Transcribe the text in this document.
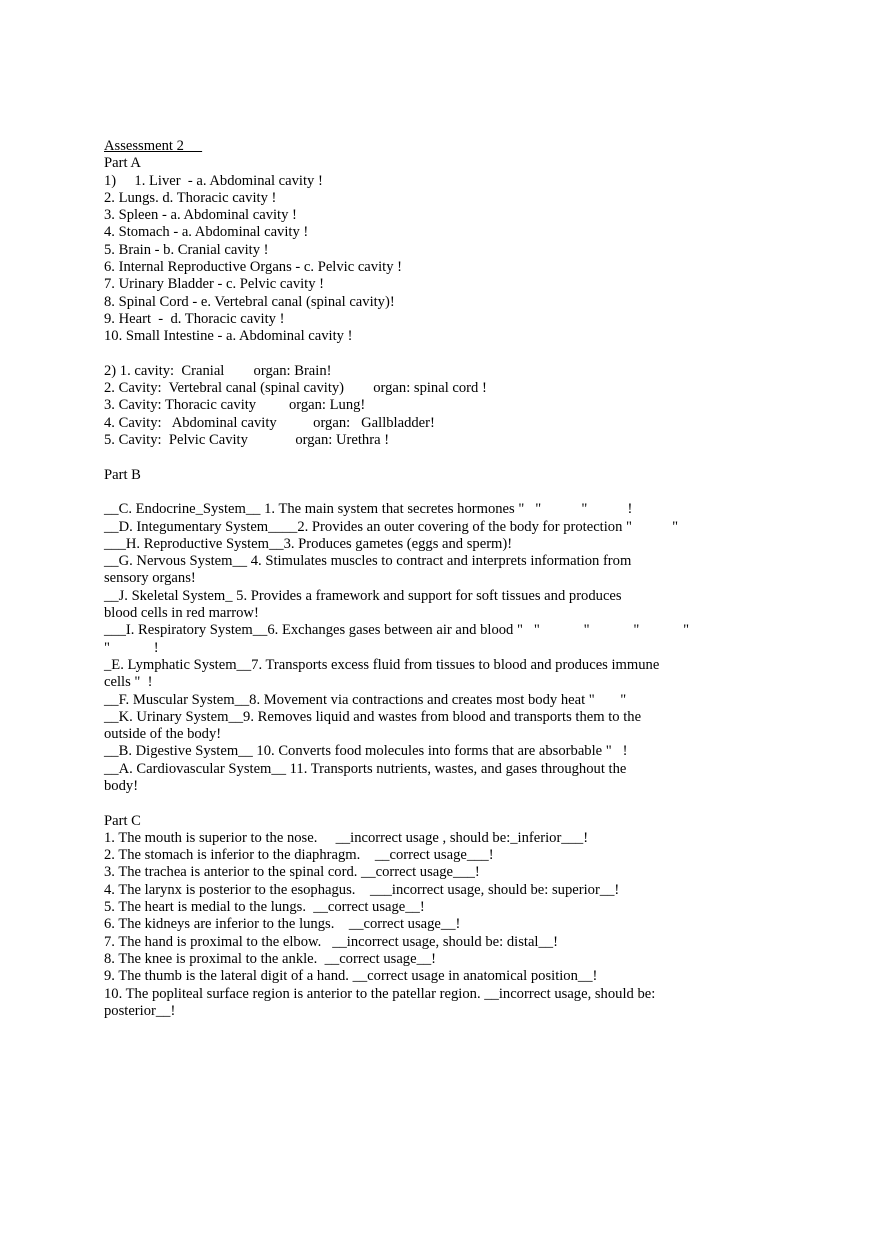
Assessment 2
Part A
1)     1. Liver  - a. Abdominal cavity !
2. Lungs. d. Thoracic cavity !
3. Spleen - a. Abdominal cavity !
4. Stomach - a. Abdominal cavity !
5. Brain - b. Cranial cavity !
6. Internal Reproductive Organs - c. Pelvic cavity !
7. Urinary Bladder - c. Pelvic cavity !
8. Spinal Cord - e. Vertebral canal (spinal cavity)!
9. Heart  -  d. Thoracic cavity !
10. Small Intestine - a. Abdominal cavity !
2) 1. cavity:  Cranial        organ: Brain!
2. Cavity:  Vertebral canal (spinal cavity)        organ: spinal cord !
3. Cavity: Thoracic cavity         organ: Lung!
4. Cavity:   Abdominal cavity          organ:   Gallbladder!
5. Cavity:  Pelvic Cavity             organ: Urethra !
Part B
__C. Endocrine_System__ 1. The main system that secretes hormones "   "           "           !
__D. Integumentary System____2. Provides an outer covering of the body for protection "           "
___H. Reproductive System__3. Produces gametes (eggs and sperm)!
__G. Nervous System__ 4. Stimulates muscles to contract and interprets information from
sensory organs!
__J. Skeletal System_ 5. Provides a framework and support for soft tissues and produces
blood cells in red marrow!
___I. Respiratory System__6. Exchanges gases between air and blood "   "            "            "            "
"            !
_E. Lymphatic System__7. Transports excess fluid from tissues to blood and produces immune
cells "  !
__F. Muscular System__8. Movement via contractions and creates most body heat "       "
__K. Urinary System__9. Removes liquid and wastes from blood and transports them to the
outside of the body!
__B. Digestive System__ 10. Converts food molecules into forms that are absorbable "   !
__A. Cardiovascular System__ 11. Transports nutrients, wastes, and gases throughout the
body!
Part C
1. The mouth is superior to the nose.     __incorrect usage , should be:_inferior___!
2. The stomach is inferior to the diaphragm.    __correct usage___!
3. The trachea is anterior to the spinal cord. __correct usage___!
4. The larynx is posterior to the esophagus.    ___incorrect usage, should be: superior__!
5. The heart is medial to the lungs.  __correct usage__!
6. The kidneys are inferior to the lungs.    __correct usage__!
7. The hand is proximal to the elbow.   __incorrect usage, should be: distal__!
8. The knee is proximal to the ankle.  __correct usage__!
9. The thumb is the lateral digit of a hand. __correct usage in anatomical position__!
10. The popliteal surface region is anterior to the patellar region. __incorrect usage, should be:
posterior__!
